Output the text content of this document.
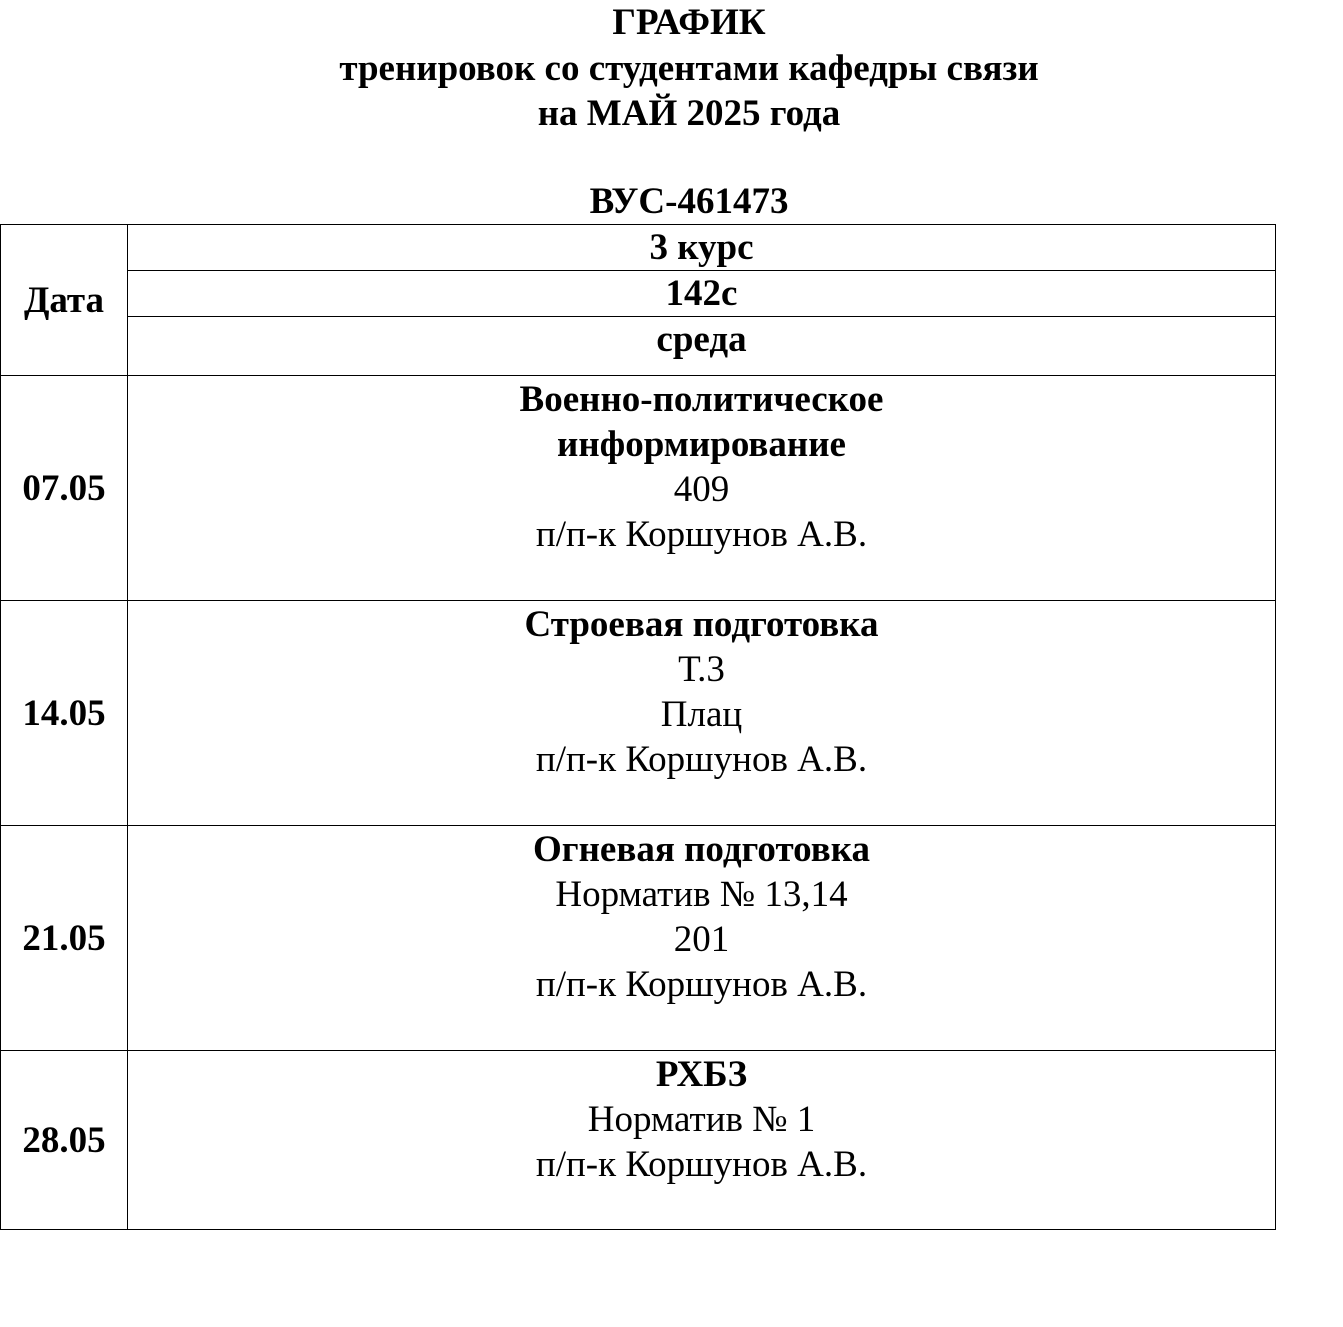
ГРАФИК
тренировок со студентами кафедры связи
на МАЙ 2025 года
ВУС-461473
Дата	3 курс
	142с
	среда
07.05	Военно-политическое
информирование
409
п/п-к Коршунов А.В.

14.05	Строевая подготовка
Т.3
Плац
п/п-к Коршунов А.В.

21.05	Огневая подготовка
Норматив № 13,14
201
п/п-к Коршунов А.В.

28.05	РХБЗ
Норматив № 1
п/п-к Коршунов А.В.
